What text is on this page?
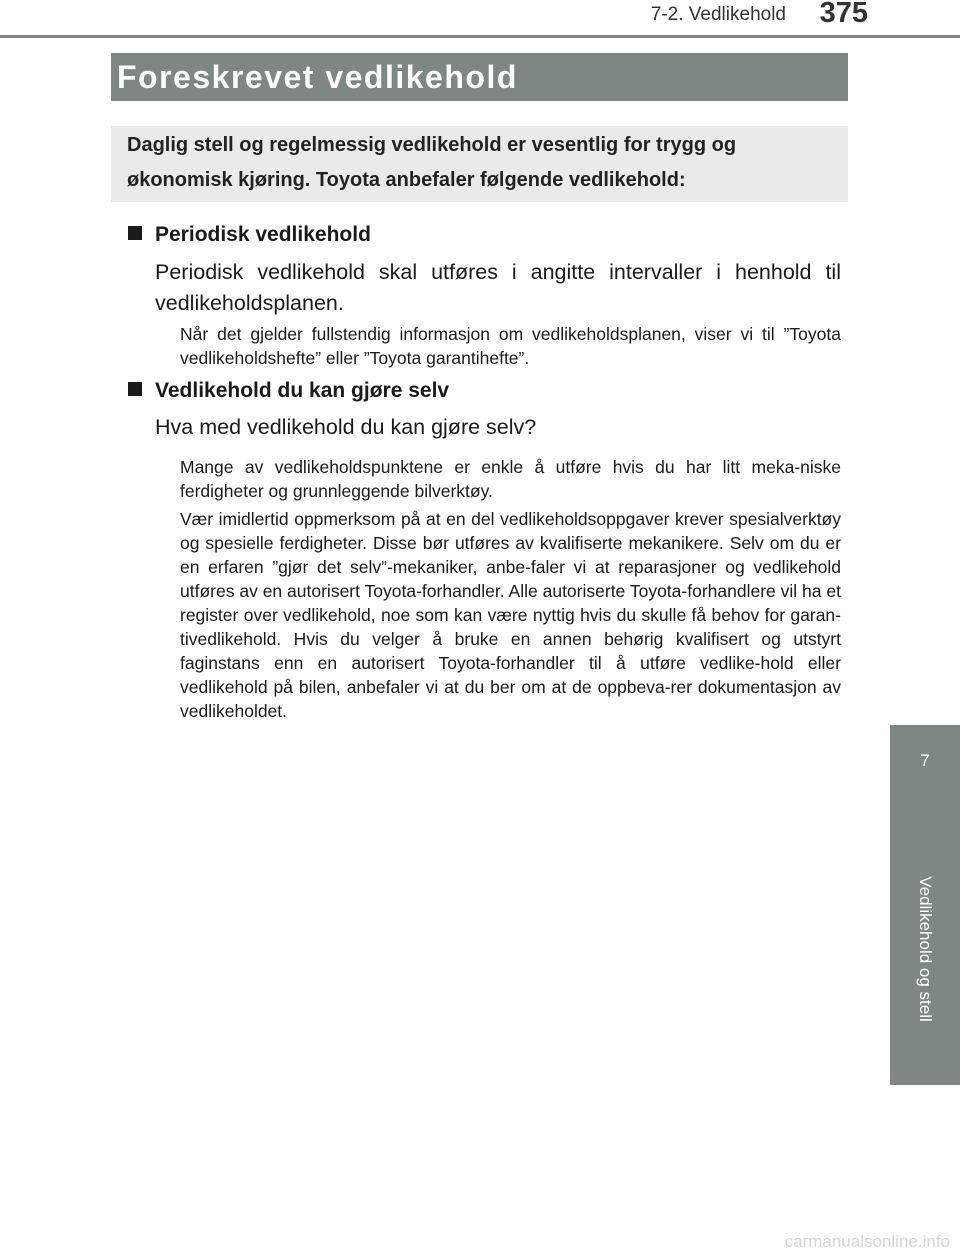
7-2. Vedlikehold	375
Foreskrevet vedlikehold
Daglig stell og regelmessig vedlikehold er vesentlig for trygg og økonomisk kjøring. Toyota anbefaler følgende vedlikehold:
Periodisk vedlikehold
Periodisk vedlikehold skal utføres i angitte intervaller i henhold til vedlikeholdsplanen.
Når det gjelder fullstendig informasjon om vedlikeholdsplanen, viser vi til ”Toyota vedlikeholdshefte” eller ”Toyota garantihefte”.
Vedlikehold du kan gjøre selv
Hva med vedlikehold du kan gjøre selv?
Mange av vedlikeholdspunktene er enkle å utføre hvis du har litt meka-niske ferdigheter og grunnleggende bilverktøy.
Vær imidlertid oppmerksom på at en del vedlikeholdsoppgaver krever spesialverktøy og spesielle ferdigheter. Disse bør utføres av kvalifiserte mekanikere. Selv om du er en erfaren ”gjør det selv”-mekaniker, anbe-faler vi at reparasjoner og vedlikehold utføres av en autorisert Toyota-forhandler. Alle autoriserte Toyota-forhandlere vil ha et register over vedlikehold, noe som kan være nyttig hvis du skulle få behov for garan-tivedlikehold. Hvis du velger å bruke en annen behørig kvalifisert og utstyrt faginstans enn en autorisert Toyota-forhandler til å utføre vedlike-hold eller vedlikehold på bilen, anbefaler vi at du ber om at de oppbeva-rer dokumentasjon av vedlikeholdet.
7
Vedlikehold og stell
carmanualsonline.info
